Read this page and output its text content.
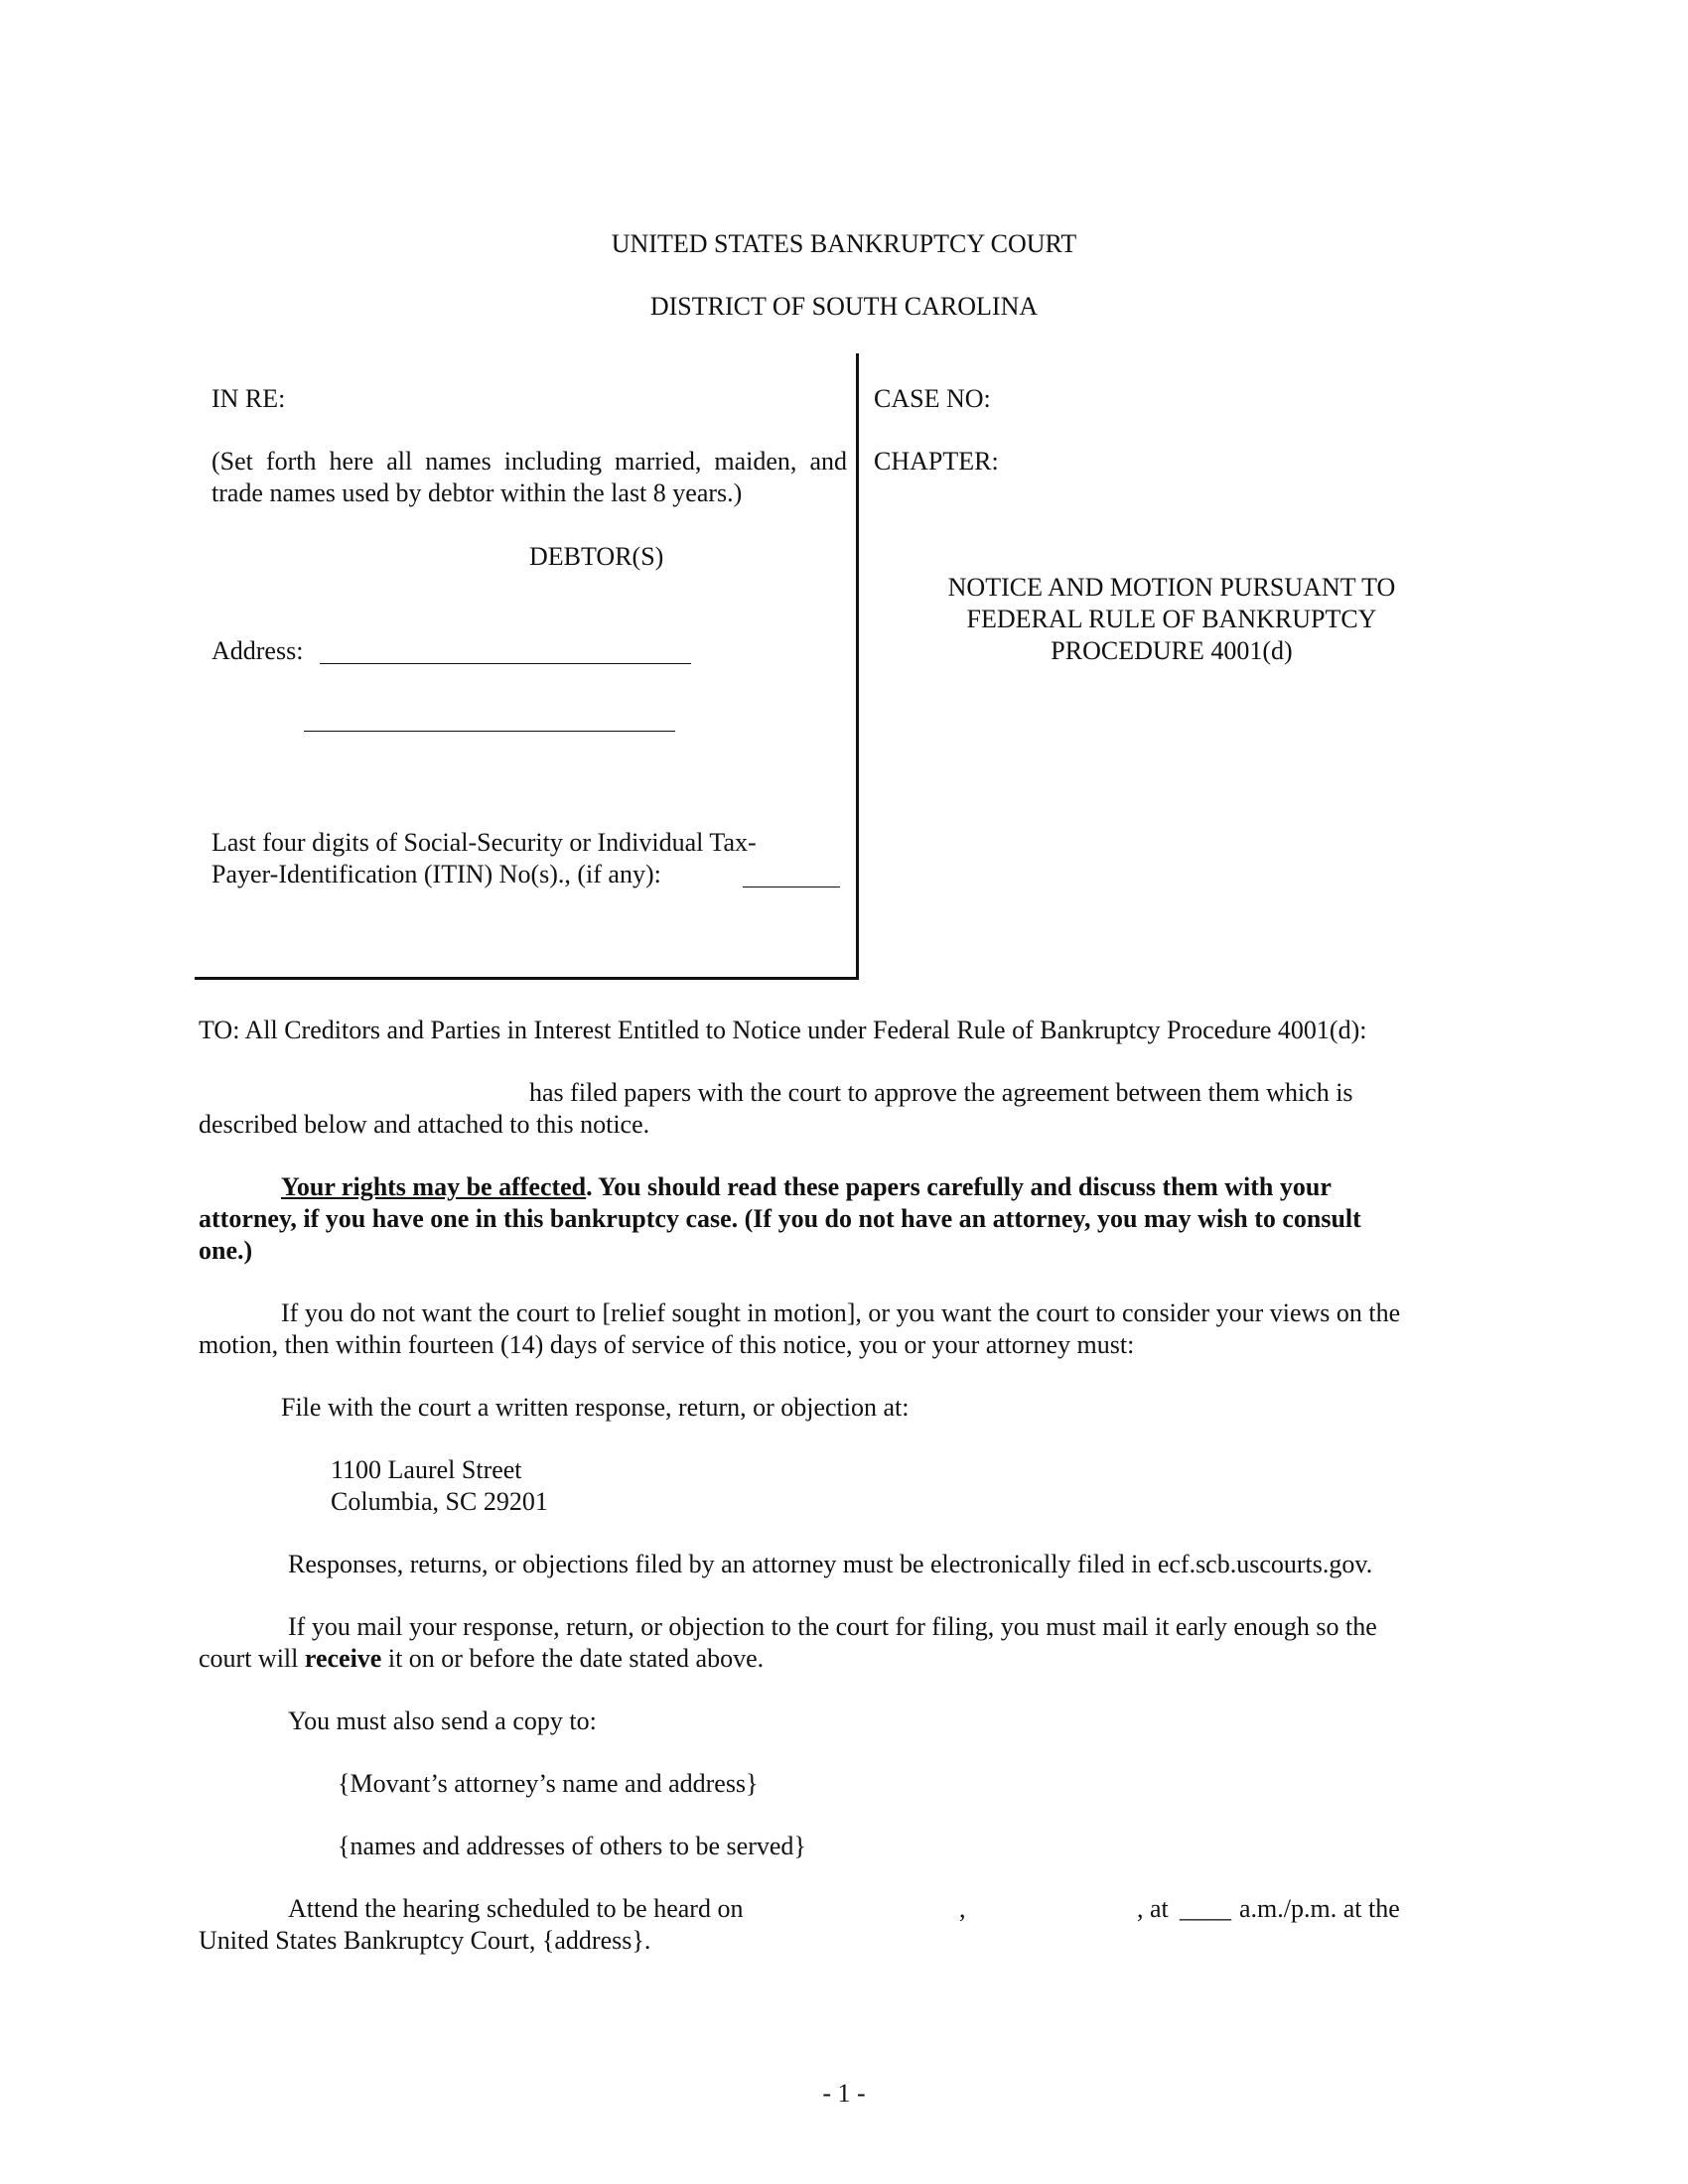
UNITED STATES BANKRUPTCY COURT
DISTRICT OF SOUTH CAROLINA
IN RE:
(Set forth here all names including married, maiden, and
trade names used by debtor within the last 8 years.)
DEBTOR(S)
Address:
Last four digits of Social-Security or Individual Tax-
Payer-Identification (ITIN) No(s)., (if any):
CASE NO:
CHAPTER:
NOTICE AND MOTION PURSUANT TO
FEDERAL RULE OF BANKRUPTCY
PROCEDURE 4001(d)
TO: All Creditors and Parties in Interest Entitled to Notice under Federal Rule of Bankruptcy Procedure 4001(d):
has filed papers with the court to approve the agreement between them which is
described below and attached to this notice.
Your rights may be affected. You should read these papers carefully and discuss them with your
attorney, if you have one in this bankruptcy case. (If you do not have an attorney, you may wish to consult
one.)
If you do not want the court to [relief sought in motion], or you want the court to consider your views on the
motion, then within fourteen (14) days of service of this notice, you or your attorney must:
File with the court a written response, return, or objection at:
1100 Laurel Street
Columbia, SC 29201
Responses, returns, or objections filed by an attorney must be electronically filed in ecf.scb.uscourts.gov.
If you mail your response, return, or objection to the court for filing, you must mail it early enough so the
court will receive it on or before the date stated above.
You must also send a copy to:
{Movant’s attorney’s name and address}
{names and addresses of others to be served}
Attend the hearing scheduled to be heard on	,	, at ____ a.m./p.m. at the
United States Bankruptcy Court, {address}.
- 1 -
